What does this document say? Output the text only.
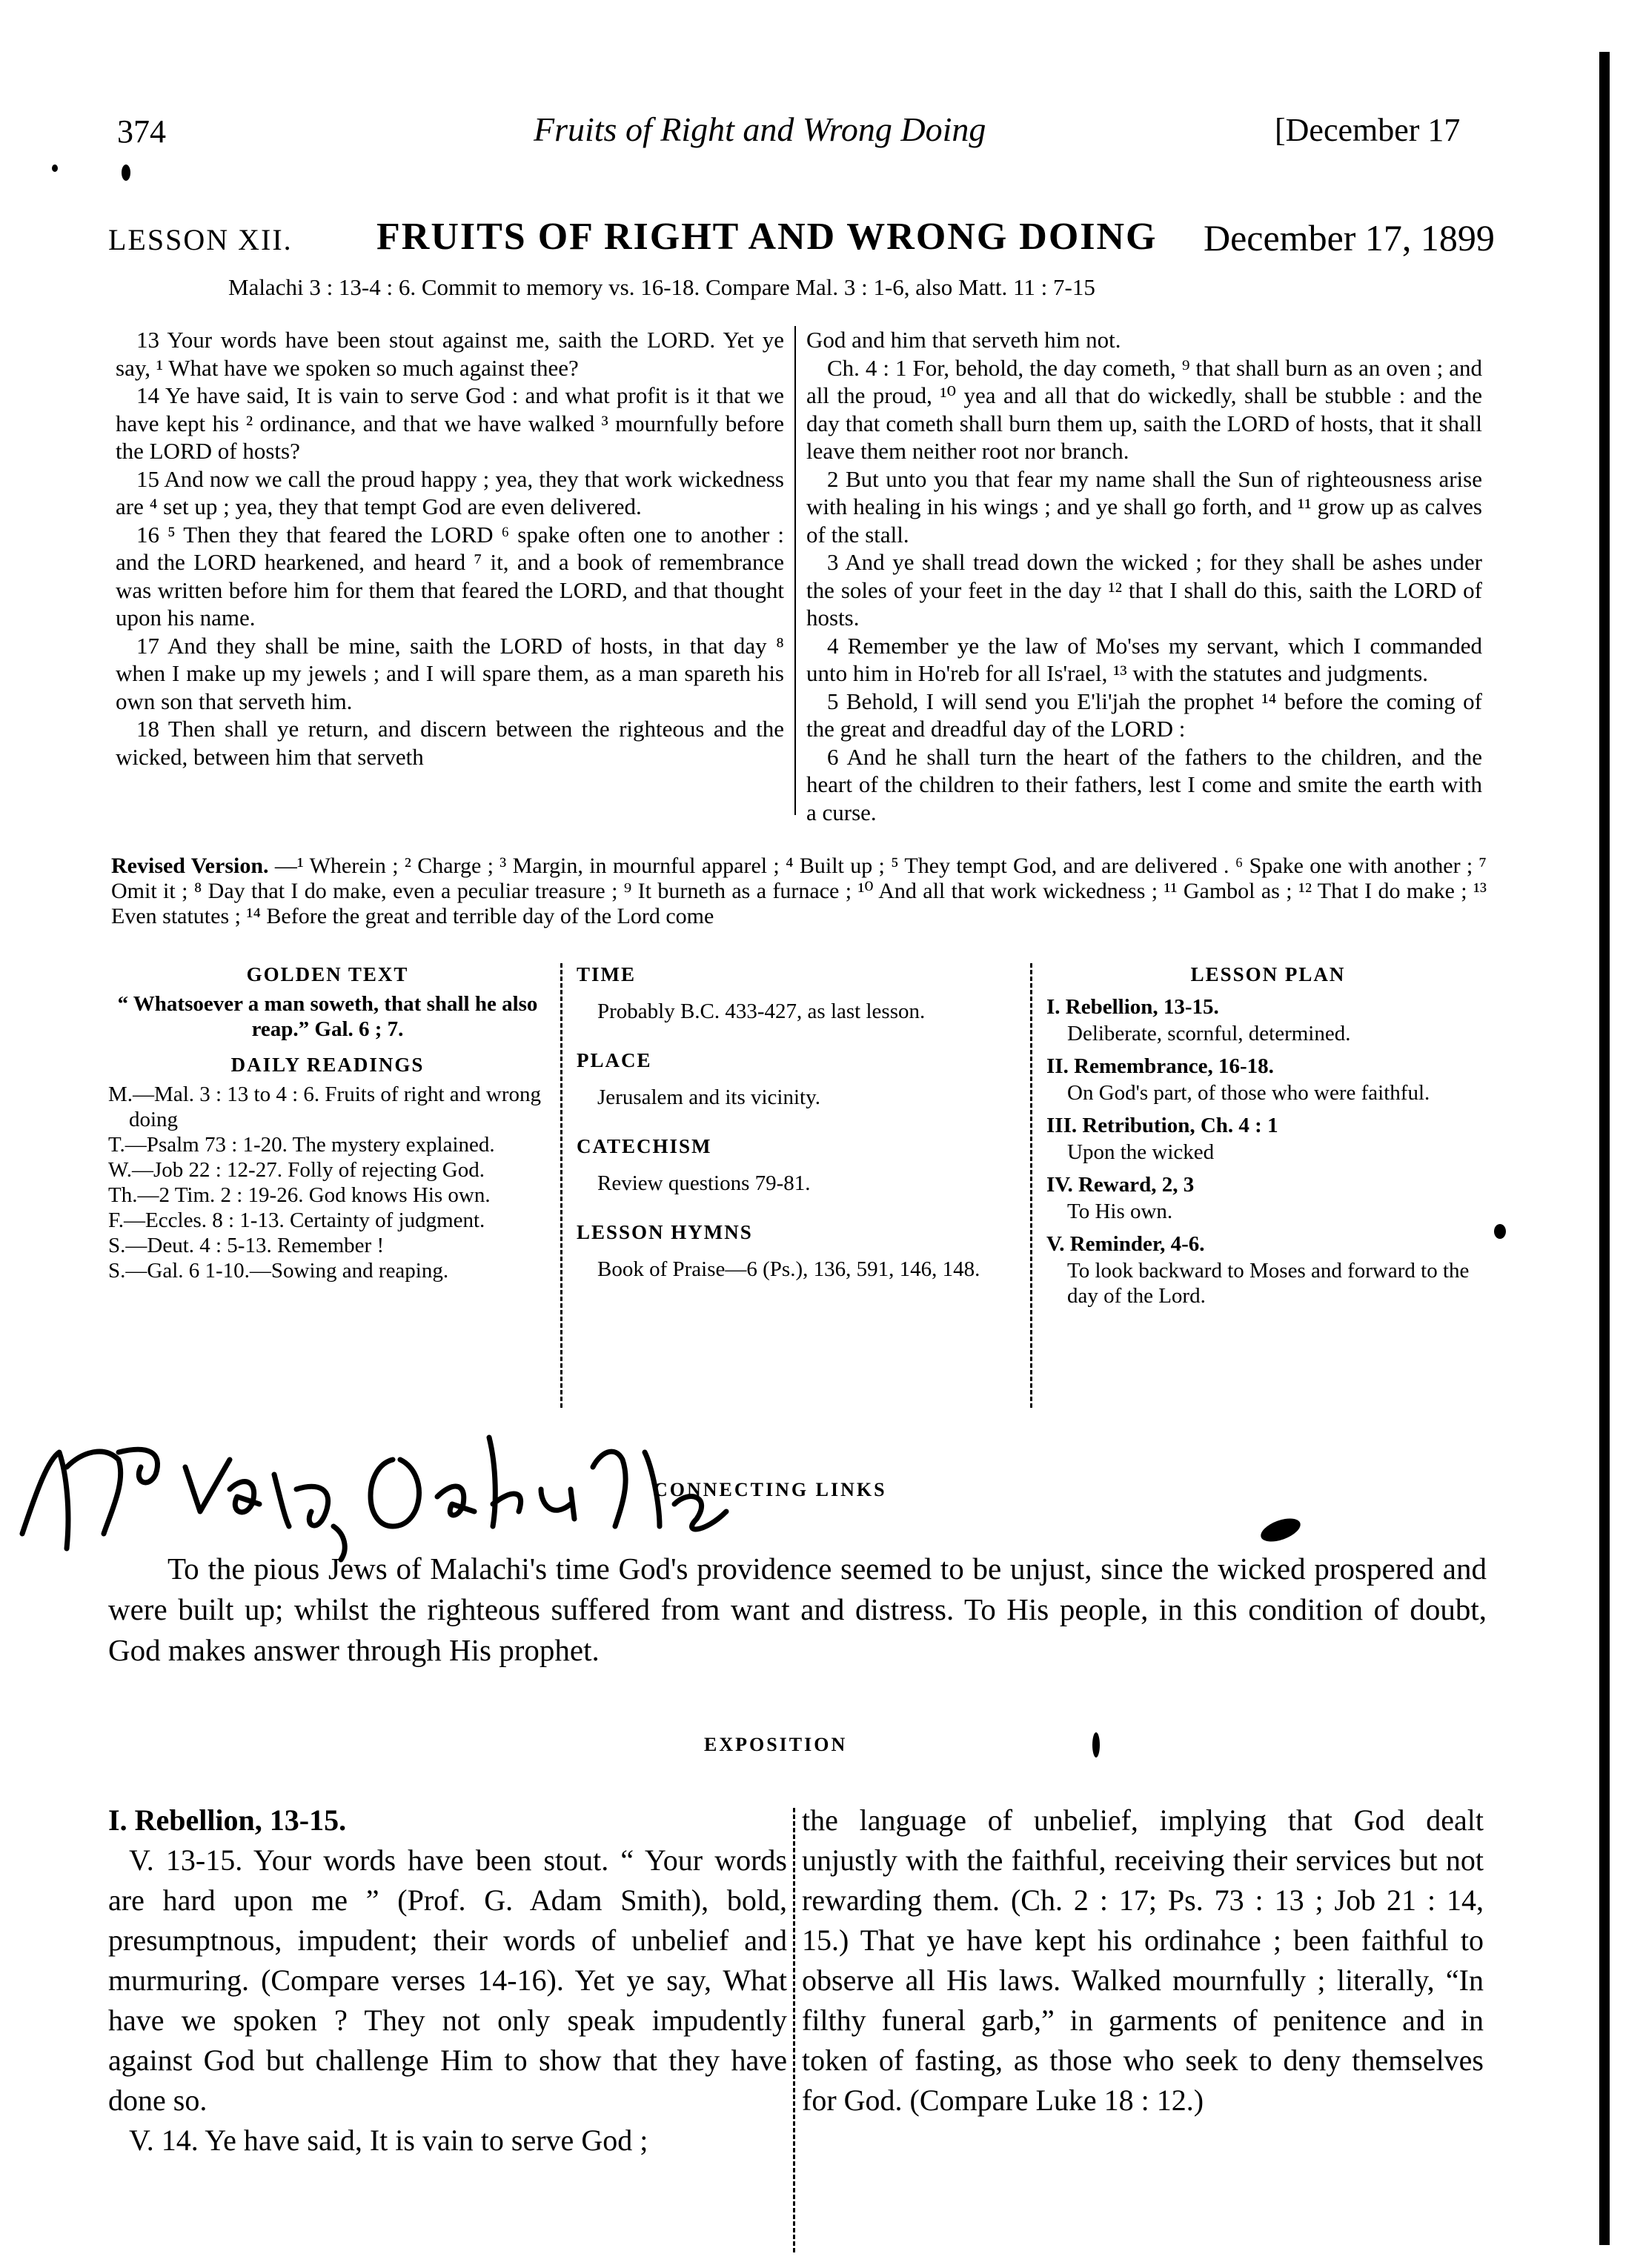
374	Fruits of Right and Wrong Doing	[December 17
LESSON XII. FRUITS OF RIGHT AND WRONG DOING December 17, 1899
Malachi 3 : 13-4 : 6. Commit to memory vs. 16-18. Compare Mal. 3 : 1-6, also Matt. 11 : 7-15

13 Your words have been stout against me, saith the LORD. Yet ye say, ¹ What have we spoken so much against thee?

14 Ye have said, It is vain to serve God : and what profit is it that we have kept his ² ordinance, and that we have walked ³ mournfully before the LORD of hosts?

15 And now we call the proud happy ; yea, they that work wickedness are ⁴ set up ; yea, they that tempt God are even delivered.

16 ⁵ Then they that feared the LORD ⁶ spake often one to another : and the LORD hearkened, and heard ⁷ it, and a book of remembrance was written before him for them that feared the LORD, and that thought upon his name.

17 And they shall be mine, saith the LORD of hosts, in that day ⁸ when I make up my jewels ; and I will spare them, as a man spareth his own son that serveth him.

18 Then shall ye return, and discern between the righteous and the wicked, between him that serveth

God and him that serveth him not.

Ch. 4 : 1 For, behold, the day cometh, ⁹ that shall burn as an oven ; and all the proud, ¹⁰ yea and all that do wickedly, shall be stubble : and the day that cometh shall burn them up, saith the LORD of hosts, that it shall leave them neither root nor branch.

2 But unto you that fear my name shall the Sun of righteousness arise with healing in his wings ; and ye shall go forth, and ¹¹ grow up as calves of the stall.

3 And ye shall tread down the wicked ; for they shall be ashes under the soles of your feet in the day ¹² that I shall do this, saith the LORD of hosts.

4 Remember ye the law of Mo'ses my servant, which I commanded unto him in Ho'reb for all Is'rael, ¹³ with the statutes and judgments.

5 Behold, I will send you E'li'jah the prophet ¹⁴ before the coming of the great and dreadful day of the LORD :

6 And he shall turn the heart of the fathers to the children, and the heart of the children to their fathers, lest I come and smite the earth with a curse.

Revised Version. —¹ Wherein ; ² Charge ; ³ Margin, in mournful apparel ; ⁴ Built up ; ⁵ They tempt God, and are delivered . ⁶ Spake one with another ; ⁷ Omit it ; ⁸ Day that I do make, even a peculiar treasure ; ⁹ It burneth as a furnace ; ¹⁰ And all that work wickedness ; ¹¹ Gambol as ; ¹² That I do make ; ¹³ Even statutes ; ¹⁴ Before the great and terrible day of the Lord come
GOLDEN TEXT
“ Whatsoever a man soweth, that shall he also reap.” Gal. 6 ; 7.
DAILY READINGS

M.—Mal. 3 : 13 to 4 : 6. Fruits of right and wrong doing

T.—Psalm 73 : 1-20. The mystery explained.

W.—Job 22 : 12-27. Folly of rejecting God.

Th.—2 Tim. 2 : 19-26. God knows His own.

F.—Eccles. 8 : 1-13. Certainty of judgment.

S.—Deut. 4 : 5-13. Remember !

S.—Gal. 6 1-10.—Sowing and reaping.

TIME
Probably B.C. 433-427, as last lesson.
PLACE
Jerusalem and its vicinity.
CATECHISM
Review questions 79-81.
LESSON HYMNS
Book of Praise—6 (Ps.), 136, 591, 146, 148.
LESSON PLAN
I. Rebellion, 13-15.
Deliberate, scornful, determined.
II. Remembrance, 16-18.
On God's part, of those who were faithful.
III. Retribution, Ch. 4 : 1
Upon the wicked
IV. Reward, 2, 3
To His own.
V. Reminder, 4-6.
To look backward to Moses and forward to the day of the Lord.
CONNECTING LINKS
To the pious Jews of Malachi's time God's providence seemed to be unjust, since the wicked prospered and were built up; whilst the righteous suffered from want and distress. To His people, in this condition of doubt, God makes answer through His prophet.
EXPOSITION

I. Rebellion, 13-15.

V. 13-15. Your words have been stout. “ Your words are hard upon me ” (Prof. G. Adam Smith), bold, presumptnous, impudent; their words of unbelief and murmuring. (Compare verses 14-16). Yet ye say, What have we spoken ? They not only speak impudently against God but challenge Him to show that they have done so.

V. 14. Ye have said, It is vain to serve God ;

the language of unbelief, implying that God dealt unjustly with the faithful, receiving their services but not rewarding them. (Ch. 2 : 17; Ps. 73 : 13 ; Job 21 : 14, 15.) That ye have kept his ordinahce ; been faithful to observe all His laws. Walked mournfully ; literally, “In filthy funeral garb,” in garments of penitence and in token of fasting, as those who seek to deny themselves for God. (Compare Luke 18 : 12.)
